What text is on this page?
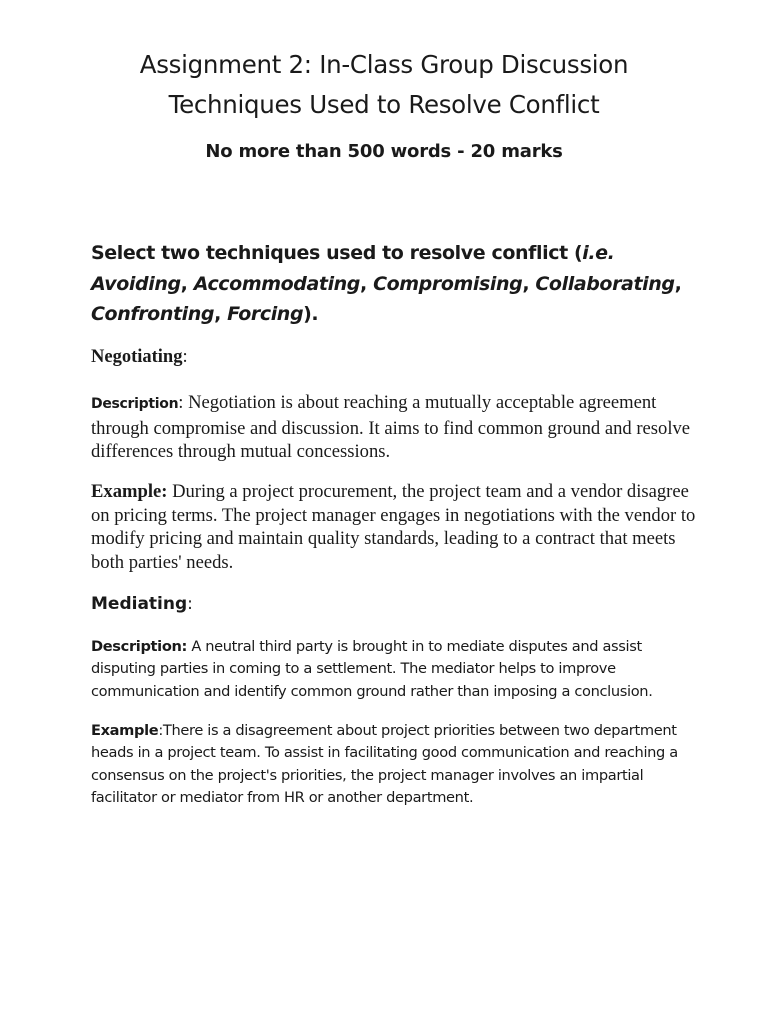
Assignment 2: In-Class Group Discussion
Techniques Used to Resolve Conflict
No more than 500 words - 20 marks

Select two techniques used to resolve conflict (i.e. Avoiding, Accommodating, Compromising, Collaborating, Confronting, Forcing).

Negotiating:

Description: Negotiation is about reaching a mutually acceptable agreement through compromise and discussion. It aims to find common ground and resolve differences through mutual concessions.

Example: During a project procurement, the project team and a vendor disagree on pricing terms. The project manager engages in negotiations with the vendor to modify pricing and maintain quality standards, leading to a contract that meets both parties' needs.

Mediating:

Description: A neutral third party is brought in to mediate disputes and assist disputing parties in coming to a settlement. The mediator helps to improve communication and identify common ground rather than imposing a conclusion.

Example:There is a disagreement about project priorities between two department heads in a project team. To assist in facilitating good communication and reaching a consensus on the project's priorities, the project manager involves an impartial facilitator or mediator from HR or another department.
